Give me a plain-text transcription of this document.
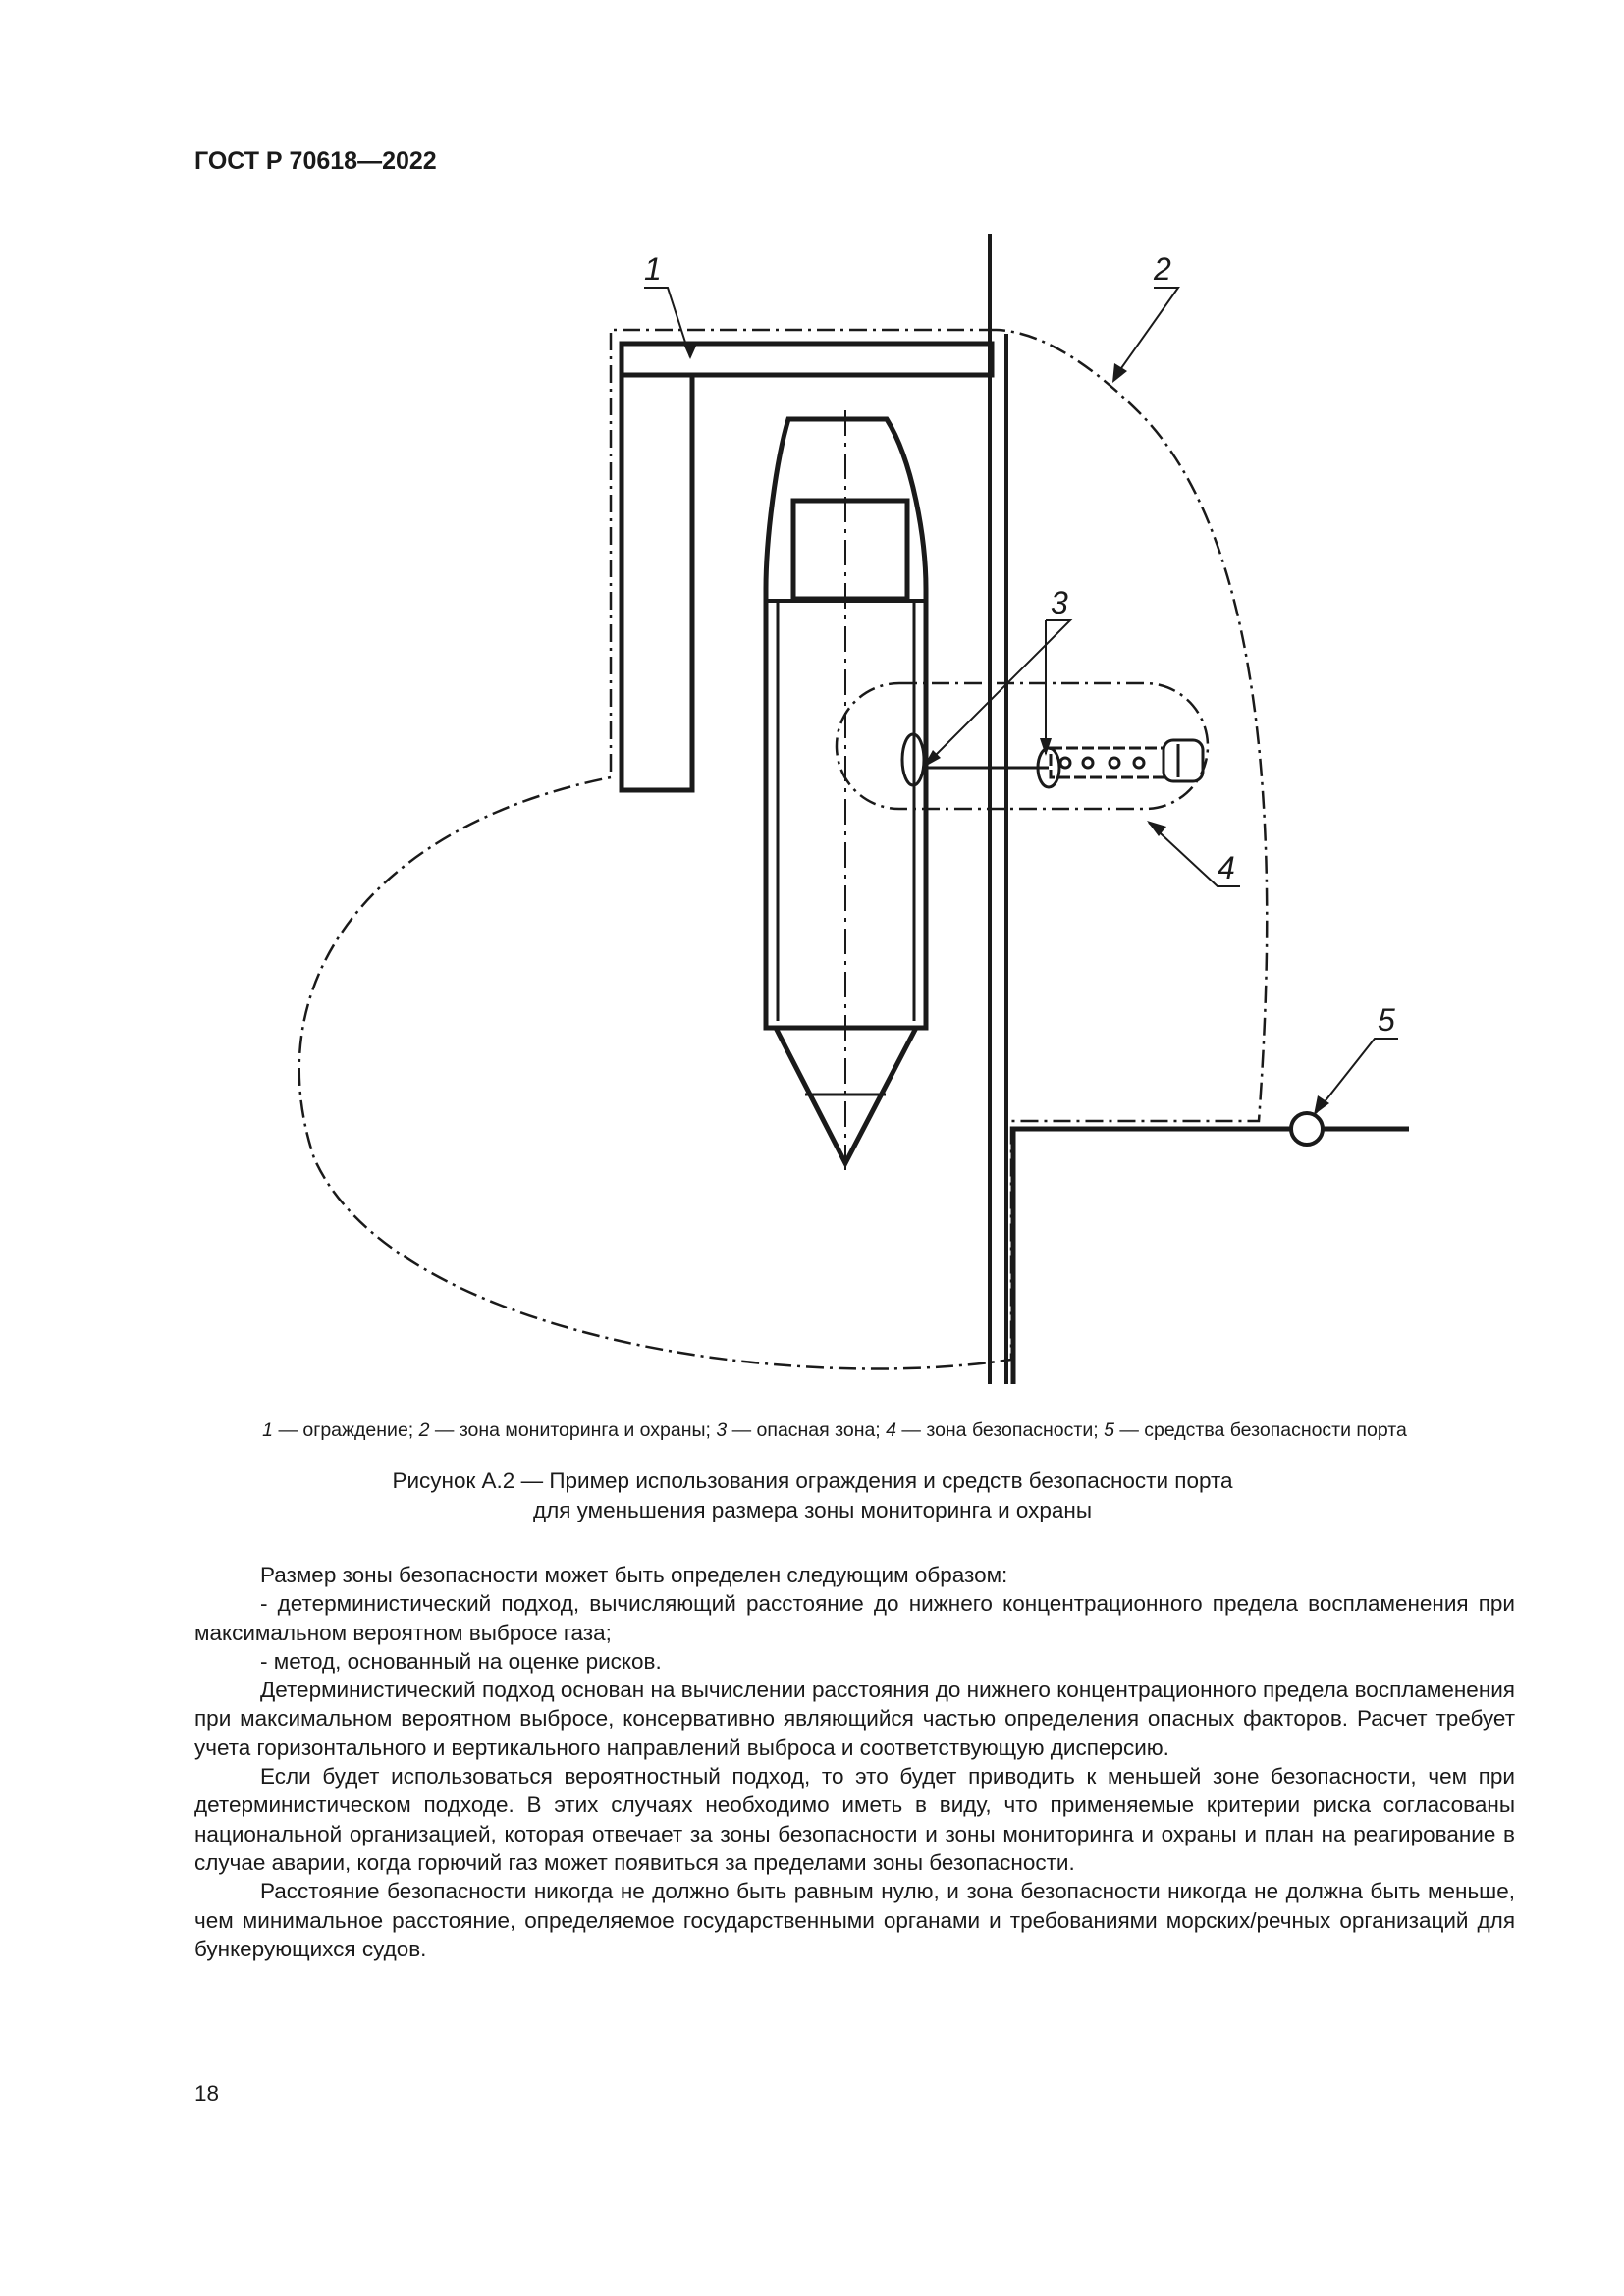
ГОСТ Р 70618—2022
1	2
3
4
5
1 — ограждение; 2 — зона мониторинга и охраны; 3 — опасная зона; 4 — зона безопасности; 5 — средства безопасности порта
Рисунок А.2 — Пример использования ограждения и средств безопасности порта
для уменьшения размера зоны мониторинга и охраны

Размер зоны безопасности может быть определен следующим образом:

- детерминистический подход, вычисляющий расстояние до нижнего концентрационного предела воспламенения при максимальном вероятном выбросе газа;

- метод, основанный на оценке рисков.

Детерминистический подход основан на вычислении расстояния до нижнего концентрационного предела воспламенения при максимальном вероятном выбросе, консервативно являющийся частью определения опасных факторов. Расчет требует учета горизонтального и вертикального направлений выброса и соответствующую дисперсию.

Если будет использоваться вероятностный подход, то это будет приводить к меньшей зоне безопасности, чем при детерминистическом подходе. В этих случаях необходимо иметь в виду, что применяемые критерии риска согласованы национальной организацией, которая отвечает за зоны безопасности и зоны мониторинга и охраны и план на реагирование в случае аварии, когда горючий газ может появиться за пределами зоны безопасности.

Расстояние безопасности никогда не должно быть равным нулю, и зона безопасности никогда не должна быть меньше, чем минимальное расстояние, определяемое государственными органами и требованиями морских/речных организаций для бункерующихся судов.

18
